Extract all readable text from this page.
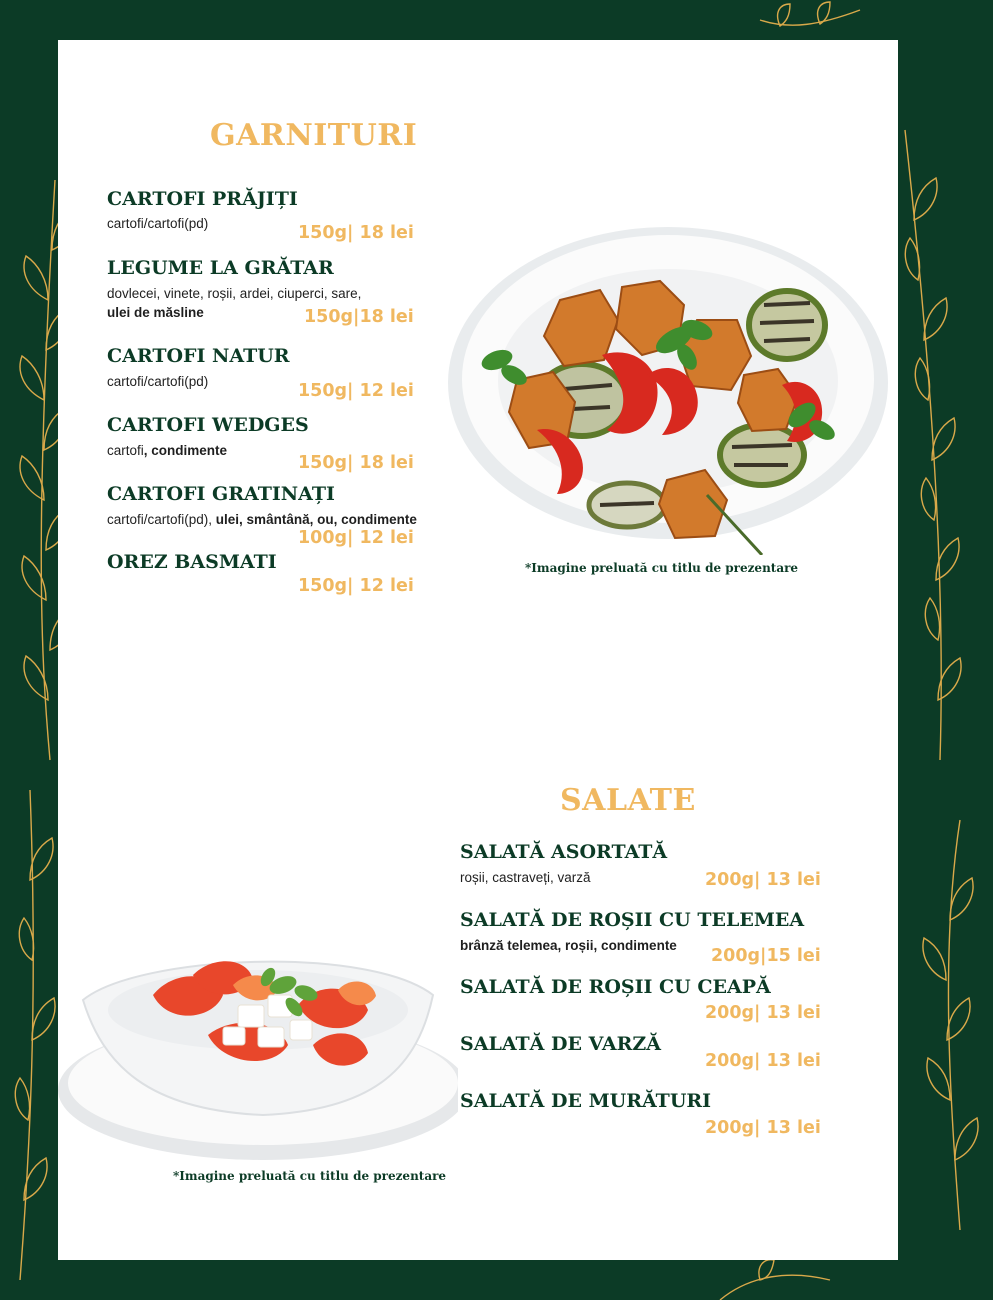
GARNITURI
CARTOFI PRĂJIȚI
cartofi/cartofi(pd)	150g| 18 lei
LEGUME LA GRĂTAR
dovlecei, vinete, roșii, ardei, ciuperci, sare,
ulei de măsline	150g|18 lei
CARTOFI NATUR
cartofi/cartofi(pd)	150g| 12 lei
CARTOFI WEDGES
cartofi, condimente
150g| 18 lei
CARTOFI GRATINAȚI
cartofi/cartofi(pd), ulei, smântână, ou, condimente
100g| 12 lei
OREZ BASMATI
150g| 12 lei
*Imagine preluată cu titlu de prezentare
SALATE
SALATĂ ASORTATĂ
roșii, castraveți, varză	200g| 13 lei
SALATĂ DE ROȘII CU TELEMEA
brânză telemea, roșii, condimente
200g|15 lei
SALATĂ DE ROȘII CU CEAPĂ
200g| 13 lei
SALATĂ DE VARZĂ
200g| 13 lei
SALATĂ DE MURĂTURI
200g| 13 lei
*Imagine preluată cu titlu de prezentare
